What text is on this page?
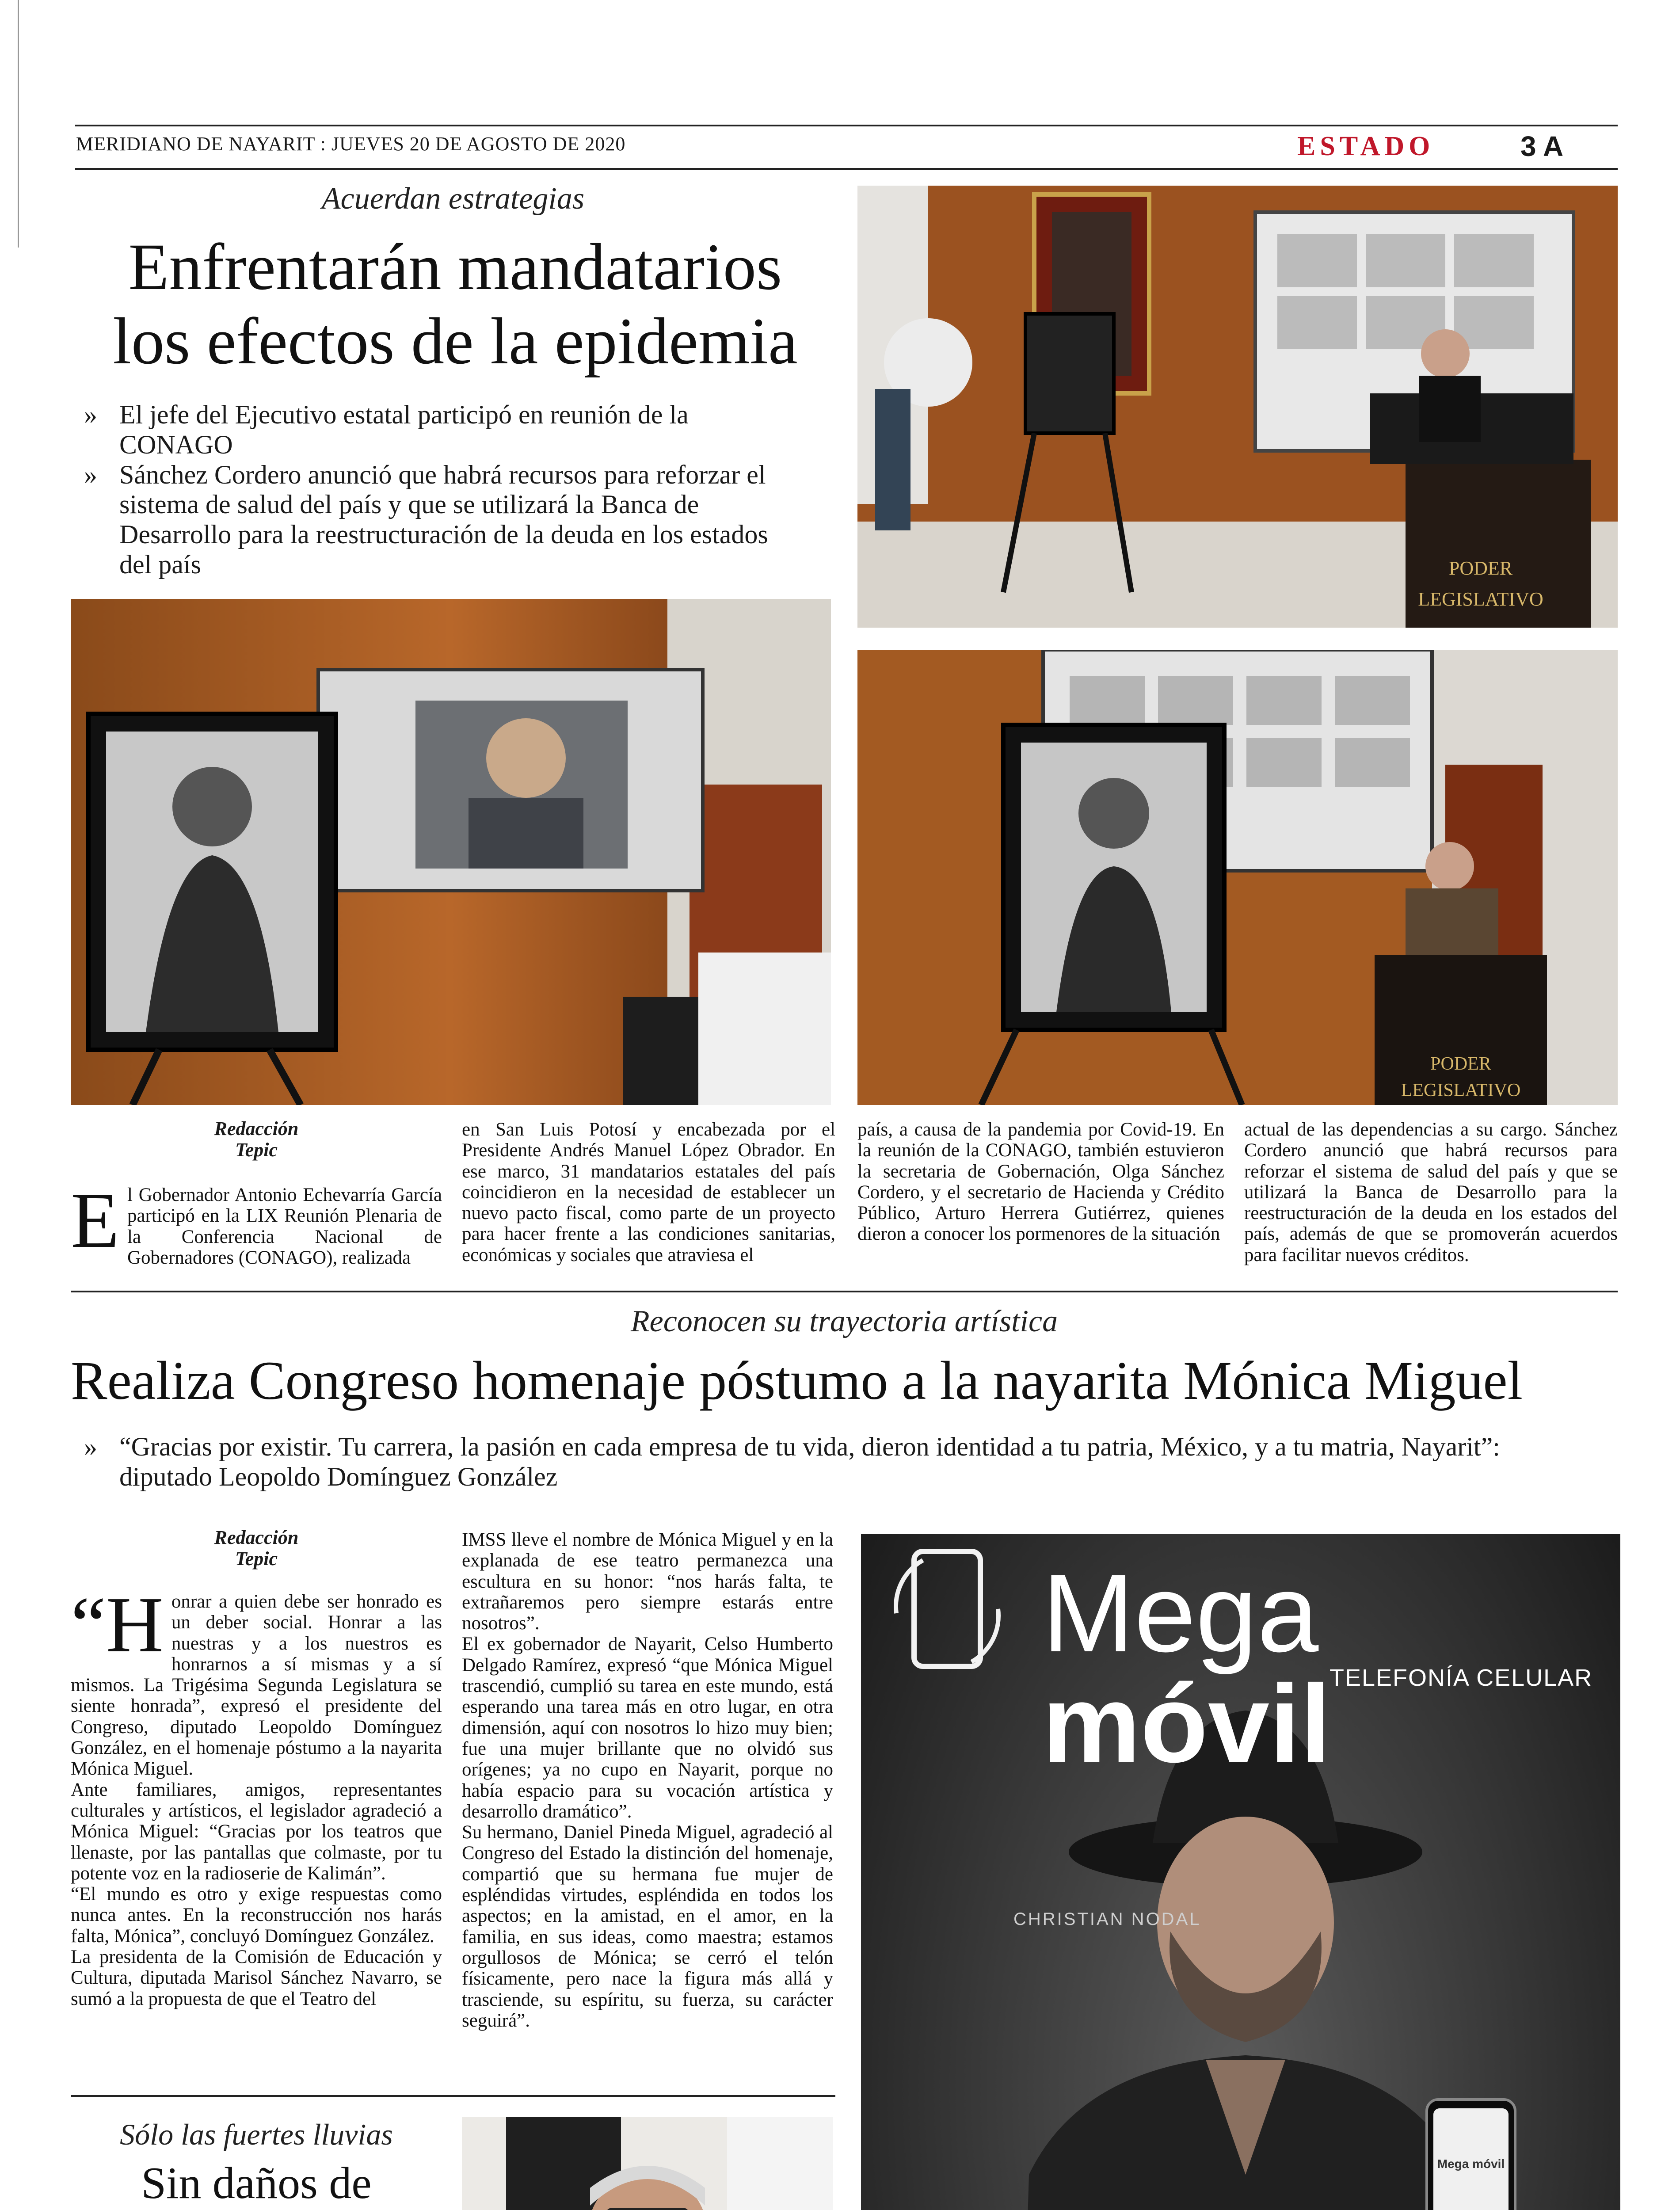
MERIDIANO DE NAYARIT : JUEVES 20 DE AGOSTO DE 2020	ESTADO	3 A
Acuerdan estrategias
Enfrentarán mandatarios
los efectos de la epidemia
» El jefe del Ejecutivo estatal participó en reunión de la CONAGO
» Sánchez Cordero anunció que habrá recursos para reforzar el sistema de salud del país y que se utilizará la Banca de Desarrollo para la reestructuración de la deuda en los estados del país	PODER
LEGISLATIVO
PODER
LEGISLATIVO
Redacción
Tepic
El Gobernador Antonio Echevarría García participó en la LIX Reunión Plenaria de la Conferencia Nacional de Gobernadores (CONAGO), realizada
en San Luis Potosí y encabezada por el Presidente Andrés Manuel López Obrador. En ese marco, 31 mandatarios estatales del país coincidieron en la necesidad de establecer un nuevo pacto fiscal, como parte de un proyecto para hacer frente a las condiciones sanitarias, económicas y sociales que atraviesa el
país, a causa de la pandemia por Covid-19. En la reunión de la CONAGO, también estuvieron la secretaria de Gobernación, Olga Sánchez Cordero, y el secretario de Hacienda y Crédito Público, Arturo Herrera Gutiérrez, quienes dieron a conocer los pormenores de la situación
actual de las dependencias a su cargo. Sánchez Cordero anunció que habrá recursos para reforzar el sistema de salud del país y que se utilizará la Banca de Desarrollo para la reestructuración de la deuda en los estados del país, además de que se promoverán acuerdos para facilitar nuevos créditos.
Reconocen su trayectoria artística
Realiza Congreso homenaje póstumo a la nayarita Mónica Miguel
» “Gracias por existir. Tu carrera, la pasión en cada empresa de tu vida, dieron identidad a tu patria, México, y a tu matria, Nayarit”: diputado Leopoldo Domínguez González
Redacción
Tepic

“Honrar a quien debe ser honrado es un deber social. Honrar a las nuestras y a los nuestros es honrarnos a sí mismas y a sí mismos. La Trigésima Segunda Legislatura se siente honrada”, expresó el presidente del Congreso, diputado Leopoldo Domínguez González, en el homenaje póstumo a la nayarita Mónica Miguel.

Ante familiares, amigos, representantes culturales y artísticos, el legislador agradeció a Mónica Miguel: “Gracias por los teatros que llenaste, por las pantallas que colmaste, por tu potente voz en la radioserie de Kalimán”.

“El mundo es otro y exige respuestas como nunca antes. En la reconstrucción nos harás falta, Mónica”, concluyó Domínguez González.

La presidenta de la Comisión de Educación y Cultura, diputada Marisol Sánchez Navarro, se sumó a la propuesta de que el Teatro del

IMSS lleve el nombre de Mónica Miguel y en la explanada de ese teatro permanezca una escultura en su honor: “nos harás falta, te extrañaremos pero siempre estarás entre nosotros”.

El ex gobernador de Nayarit, Celso Humberto Delgado Ramírez, expresó “que Mónica Miguel trascendió, cumplió su tarea en este mundo, está esperando una tarea más en otro lugar, en otra dimensión, aquí con nosotros lo hizo muy bien; fue una mujer brillante que no olvidó sus orígenes; ya no cupo en Nayarit, porque no había espacio para su vocación artística y desarrollo dramático”.

Su hermano, Daniel Pineda Miguel, agradeció al Congreso del Estado la distinción del homenaje, compartió que su hermana fue mujer de espléndidas virtudes, espléndida en todos los aspectos; en la amistad, en el amor, en la familia, en sus ideas, como maestra; estamos orgullosos de Mónica; se cerró el telón físicamente, pero nace la figura más allá y trasciende, su espíritu, su fuerza, su carácter seguirá”.

Sólo las fuertes lluvias
Sin daños de

Mega móvil
TELEFONÍA CELULAR
CHRISTIAN NODAL
Mega móvil
